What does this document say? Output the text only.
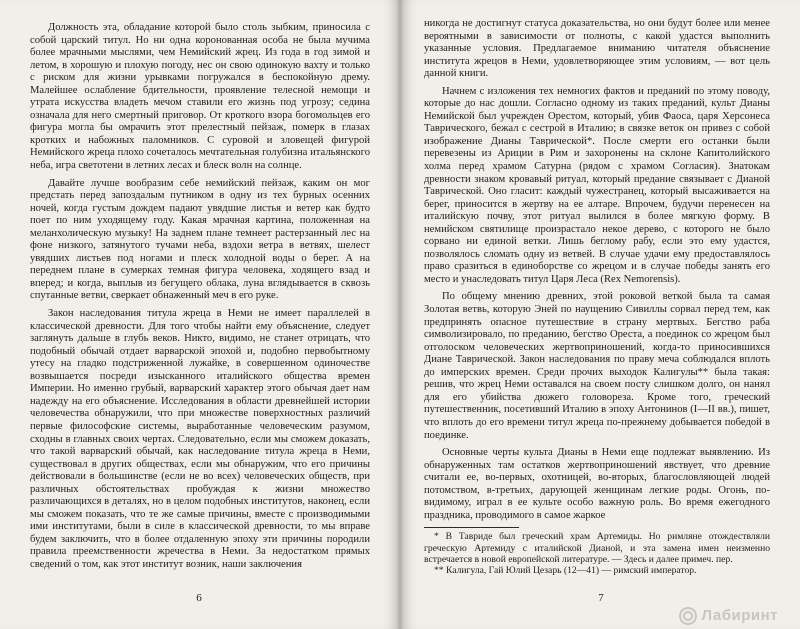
Должность эта, обладание которой было столь зыбким, приносила с собой царский титул. Но ни одна коронованная особа не была мучима более мрачными мыслями, чем Немийский жрец. Из года в год зимой и летом, в хорошую и плохую погоду, нес он свою одинокую вахту и только с риском для жизни урывками погружался в беспокойную дрему. Малейшее ослабление бдительности, проявление телесной немощи и утрата искусства владеть мечом ставили его жизнь под угрозу; седина означала для него смертный приговор. От кроткого взора богомольцев его фигура могла бы омрачить этот прелестный пейзаж, померк в глазах кротких и набожных паломников. С суровой и зловещей фигурой Немийского жреца плохо сочеталось мечтательная голубизна итальянского неба, игра светотени в летних лесах и блеск волн на солнце.

Давайте лучше вообразим себе немийский пейзаж, каким он мог предстать перед запоздалым путником в одну из тех бурных осенних ночей, когда густым дождем падают увядшие листья и ветер как будто поет по ним уходящему году. Какая мрачная картина, положенная на меланхолическую музыку! На заднем плане темнеет растерзанный лес на фоне низкого, затянутого тучами неба, вздохи ветра в ветвях, шелест увядших листьев под ногами и плеск холодной воды о берег. А на переднем плане в сумерках темная фигура человека, ходящего взад и вперед; и когда, выплыв из бегущего облака, луна вглядывается в сквозь спутанные ветви, сверкает обнаженный меч в его руке.

Закон наследования титула жреца в Неми не имеет параллелей в классической древности. Для того чтобы найти ему объяснение, следует заглянуть дальше в глубь веков. Никто, видимо, не станет отрицать, что подобный обычай отдает варварской эпохой и, подобно первобытному утесу на гладко подстриженной лужайке, в совершенном одиночестве возвышается посреди изысканного италийского общества времен Империи. Но именно грубый, варварский характер этого обычая дает нам надежду на его объяснение. Исследования в области древнейшей истории человечества обнаружили, что при множестве поверхностных различий первые философские системы, выработанные человеческим разумом, сходны в главных своих чертах. Следовательно, если мы сможем доказать, что такой варварский обычай, как наследование титула жреца в Неми, существовал в других обществах, если мы обнаружим, что его причины действовали в большинстве (если не во всех) человеческих обществ, при различных обстоятельствах пробуждая к жизни множество различающихся в деталях, но в целом подобных институтов, наконец, если мы сможем показать, что те же самые причины, вместе с производимыми ими институтами, были в силе в классической древности, то мы вправе будем заключить, что в более отдаленную эпоху эти причины породили правила преемственности жречества в Неми. За недостатком прямых сведений о том, как этот институт возник, наши заключения

6

никогда не достигнут статуса доказательства, но они будут более или менее вероятными в зависимости от полноты, с какой удастся выполнить указанные условия. Предлагаемое вниманию читателя объяснение института жрецов в Неми, удовлетворяющее этим условиям, — вот цель данной книги.

Начнем с изложения тех немногих фактов и преданий по этому поводу, которые до нас дошли. Согласно одному из таких преданий, культ Дианы Немийской был учрежден Орестом, который, убив Фаоса, царя Херсонеса Таврического, бежал с сестрой в Италию; в связке веток он привез с собой изображение Дианы Таврической*. После смерти его останки были перевезены из Ариции в Рим и захоронены на склоне Капитолийского холма перед храмом Сатурна (рядом с храмом Согласия). Знатокам древности знаком кровавый ритуал, который предание связывает с Дианой Таврической. Оно гласит: каждый чужестранец, который высаживается на берег, приносится в жертву на ее алтаре. Впрочем, будучи перенесен на италийскую почву, этот ритуал вылился в более мягкую форму. В немийском святилище произрастало некое дерево, с которого не было сорвано ни единой ветки. Лишь беглому рабу, если это ему удастся, позволялось сломать одну из ветвей. В случае удачи ему предоставлялось право сразиться в единоборстве со жрецом и в случае победы занять его место и унаследовать титул Царя Леса (Rex Nemorensis).

По общему мнению древних, этой роковой веткой была та самая Золотая ветвь, которую Эней по наущению Сивиллы сорвал перед тем, как предпринять опасное путешествие в страну мертвых. Бегство раба символизировало, по преданию, бегство Ореста, а поединок со жрецом был отголоском человеческих жертвоприношений, когда-то приносившихся Диане Таврической. Закон наследования по праву меча соблюдался вплоть до имперских времен. Среди прочих выходок Калигулы** была такая: решив, что жрец Неми оставался на своем посту слишком долго, он нанял для его убийства дюжего головореза. Кроме того, греческий путешественник, посетивший Италию в эпоху Антонинов (I—II вв.), пишет, что вплоть до его времени титул жреца по-прежнему добывается победой в поединке.

Основные черты культа Дианы в Неми еще подлежат выявлению. Из обнаруженных там остатков жертвоприношений явствует, что древние считали ее, во-первых, охотницей, во-вторых, благословляющей людей потомством, в-третьих, дарующей женщинам легкие роды. Огонь, по-видимому, играл в ее культе особо важную роль. Во время ежегодного праздника, проводимого в самое жаркое

* В Тавриде был греческий храм Артемиды. Но римляне отождествляли греческую Артемиду с италийской Дианой, и эта замена имен неизменно встречается в новой европейской литературе. — Здесь и далее примеч. пер.

** Калигула, Гай Юлий Цезарь (12—41) — римский император.

7
Лабиринт
